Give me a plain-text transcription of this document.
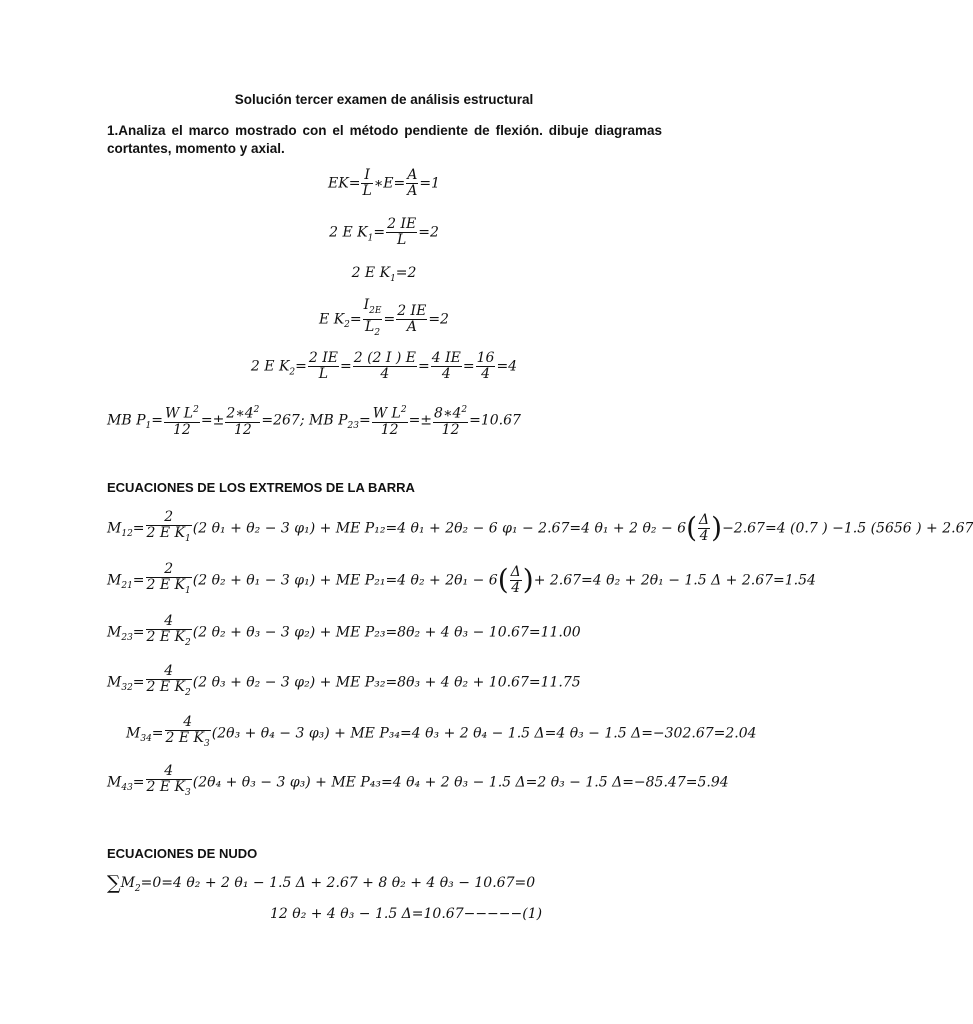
Solución tercer examen de análisis estructural
1.Analiza el marco mostrado con el método pendiente de flexión. dibuje diagramas cortantes, momento y axial.
$EK= \frac{I}{L}$ ∗E= $\frac{A}{A} =1$
2 E $K_1= \frac{2 IE}{L} =2$
2 E $K_1=2$
E $K_2= \frac{I_{2E}}{L_2} = \frac{2 IE}{A} =2$
2 E $K_2= \frac{2 IE}{L} = \frac{2 (2 I ) E}{4} = \frac{4 IE}{4} = \frac{16}{4} =4$
MB $P_1= \frac{W L^2}{12} =\pm \frac{2∗4^2}{12} =267$; MB $P_{23}= \frac{W L^2}{12} =\pm \frac{8∗4^2}{12} =10.67$
ECUACIONES DE LOS EXTREMOS DE LA BARRA
$M_{12}= \frac{2}{2 E K_1} (2$ θ₁ + θ₂ − 3 φ₁) + ME P₁₂=4 θ₁ + 2θ₂ − 6 φ₁ − 2.67=4 θ₁ + 2 $\theta_2 - 6( \frac{\Delta}{4} )-2.67=4$ (0.7 ) −1.5 (5656 ) + 2.67
$M_{21}= \frac{2}{2 E K_1} (2$ θ₂ + θ₁ − 3 φ₁) + ME P₂₁=4 $\theta_2 + 2\theta_1 - 6( \frac{\Delta}{4}$ )+ 2.67=4 θ₂ + 2θ₁ − 1.5 Δ + 2.67=1.54
$M_{23}= \frac{4}{2 E K_2} (2$ θ₂ + θ₃ − 3 φ₂) + ME P₂₃=8θ₂ + 4 θ₃ − 10.67=11.00
$M_{32}= \frac{4}{2 E K_2} (2$ θ₃ + θ₂ − 3 φ₂) + ME P₃₂=8θ₃ + 4 θ₂ + 10.67=11.75
$M_{34}= \frac{4}{2 E K_3} (2\theta_3 + \theta_4 - 3$ φ₃) + ME P₃₄=4 θ₃ + 2 θ₄ − 1.5 Δ=4 θ₃ − 1.5 Δ=−302.67=2.04
$M_{43}= \frac{4}{2 E K_3} (2\theta_4 + \theta_3 - 3$ φ₃) + ME P₄₃=4 θ₄ + 2 θ₃ − 1.5 Δ=2 θ₃ − 1.5 Δ=−85.47=5.94
ECUACIONES DE NUDO
$\sum M_2=0=4$ θ₂ + 2 θ₁ − 1.5 Δ + 2.67 + 8 θ₂ + 4 θ₃ − 10.67=0
12 θ₂ + 4 θ₃ − 1.5 Δ=10.67−−−−−(1)
